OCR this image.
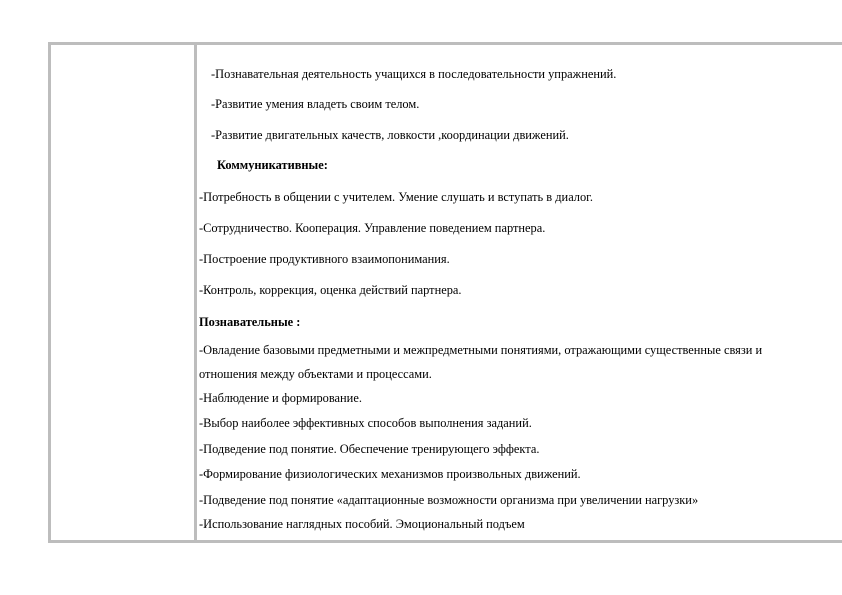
-Познавательная деятельность учащихся в последовательности упражнений.
-Развитие умения владеть своим телом.
-Развитие двигательных качеств, ловкости ,координации движений.
Коммуникативные:
-Потребность в общении с учителем. Умение слушать и вступать в диалог.
-Сотрудничество. Кооперация. Управление поведением партнера.
-Построение продуктивного взаимопонимания.
-Контроль, коррекция, оценка действий партнера.
Познавательные :
-Овладение базовыми предметными и межпредметными понятиями, отражающими существенные связи и
отношения между объектами и процессами.
-Наблюдение и формирование.
-Выбор наиболее эффективных способов выполнения заданий.
-Подведение под понятие. Обеспечение тренирующего эффекта.
-Формирование физиологических механизмов произвольных движений.
-Подведение под понятие «адаптационные возможности организма при увеличении нагрузки»
-Использование наглядных пособий. Эмоциональный подъем
